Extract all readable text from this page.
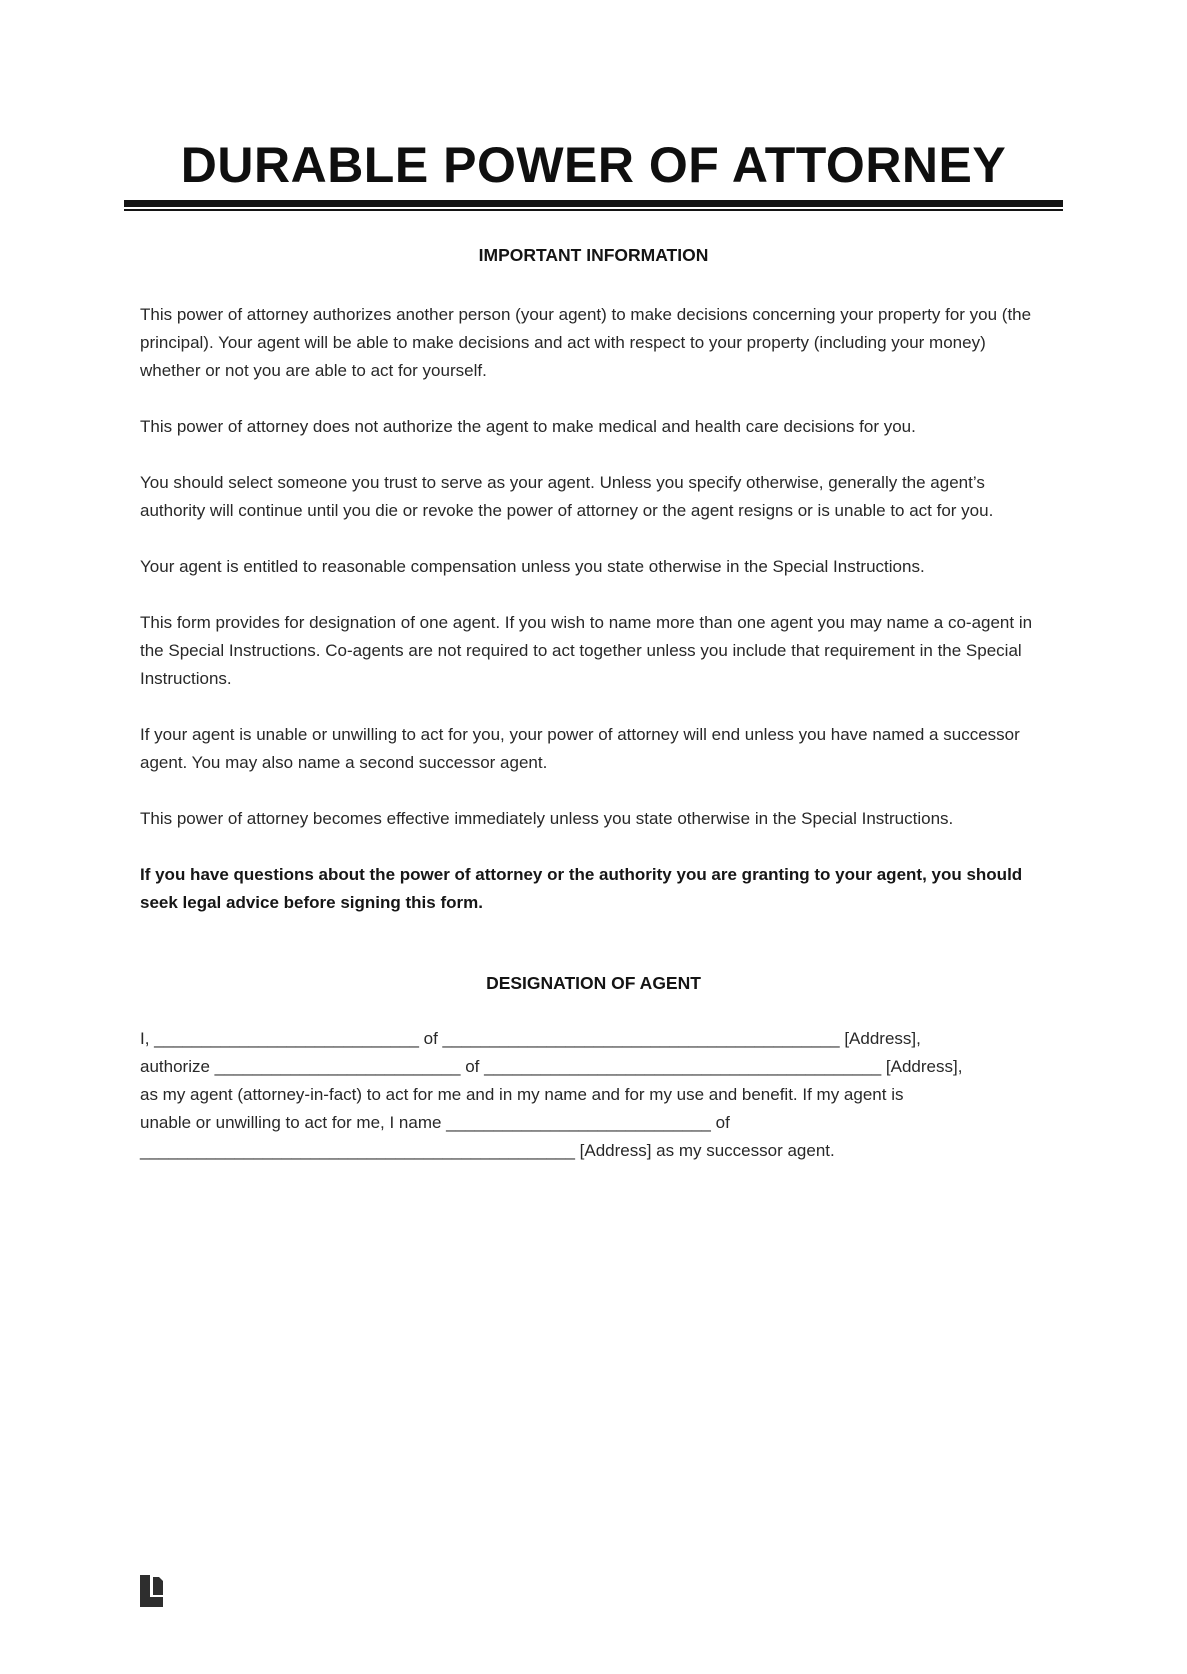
DURABLE POWER OF ATTORNEY
IMPORTANT INFORMATION

This power of attorney authorizes another person (your agent) to make decisions concerning your property for you (the principal). Your agent will be able to make decisions and act with respect to your property (including your money) whether or not you are able to act for yourself.

This power of attorney does not authorize the agent to make medical and health care decisions for you.

You should select someone you trust to serve as your agent. Unless you specify otherwise, generally the agent’s authority will continue until you die or revoke the power of attorney or the agent resigns or is unable to act for you.

Your agent is entitled to reasonable compensation unless you state otherwise in the Special Instructions.

This form provides for designation of one agent. If you wish to name more than one agent you may name a co-agent in the Special Instructions. Co-agents are not required to act together unless you include that requirement in the Special Instructions.

If your agent is unable or unwilling to act for you, your power of attorney will end unless you have named a successor agent. You may also name a second successor agent.

This power of attorney becomes effective immediately unless you state otherwise in the Special Instructions.

If you have questions about the power of attorney or the authority you are granting to your agent, you should seek legal advice before signing this form.

DESIGNATION OF AGENT
I, ____________________________ of __________________________________________ [Address],
authorize __________________________ of __________________________________________ [Address],
as my agent (attorney-in-fact) to act for me and in my name and for my use and benefit. If my agent is
unable or unwilling to act for me, I name ____________________________ of
______________________________________________ [Address] as my successor agent.
